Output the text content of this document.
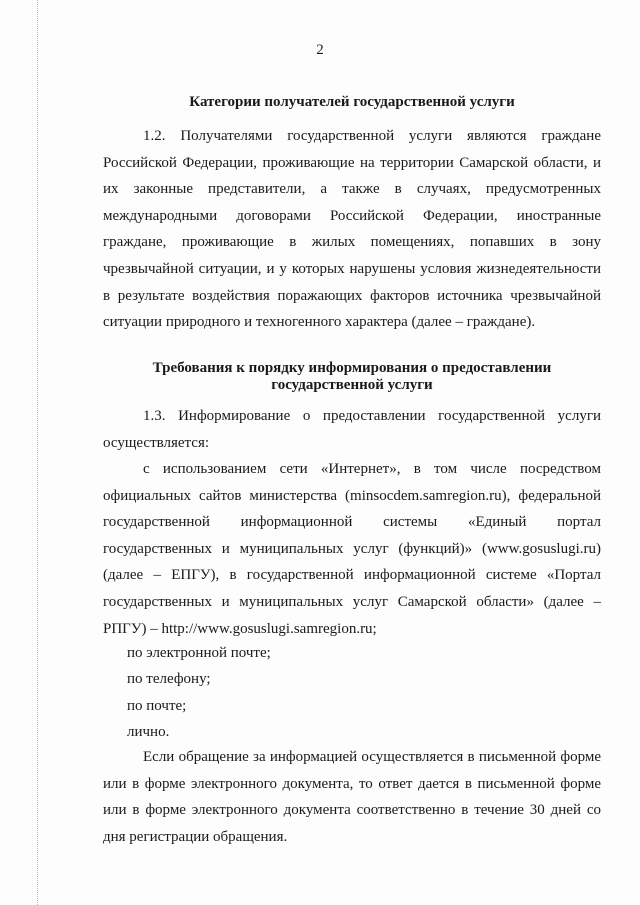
2
Категории получателей государственной услуги

1.2. Получателями государственной услуги являются граждане Российской Федерации, проживающие на территории Самарской области, и их законные представители, а также в случаях, предусмотренных международными договорами Российской Федерации, иностранные граждане, проживающие в жилых помещениях, попавших в зону чрезвычайной ситуации, и у которых нарушены условия жизнедеятельности в результате воздействия поражающих факторов источника чрезвычайной ситуации природного и техногенного характера (далее – граждане).

Требования к порядку информирования о предоставлении
государственной услуги

1.3. Информирование о предоставлении государственной услуги осуществляется:

с использованием сети «Интернет», в том числе посредством официальных сайтов министерства (minsocdem.samregion.ru), федеральной государственной информационной системы «Единый портал государственных и муниципальных услуг (функций)» (www.gosuslugi.ru) (далее – ЕПГУ), в государственной информационной системе «Портал государственных и муниципальных услуг Самарской области» (далее – РПГУ) – http://www.gosuslugi.samregion.ru;

по электронной почте;
по телефону;
по почте;
лично.

Если обращение за информацией осуществляется в письменной форме или в форме электронного документа, то ответ дается в письменной форме или в форме электронного документа соответственно в течение 30 дней со дня регистрации обращения.
